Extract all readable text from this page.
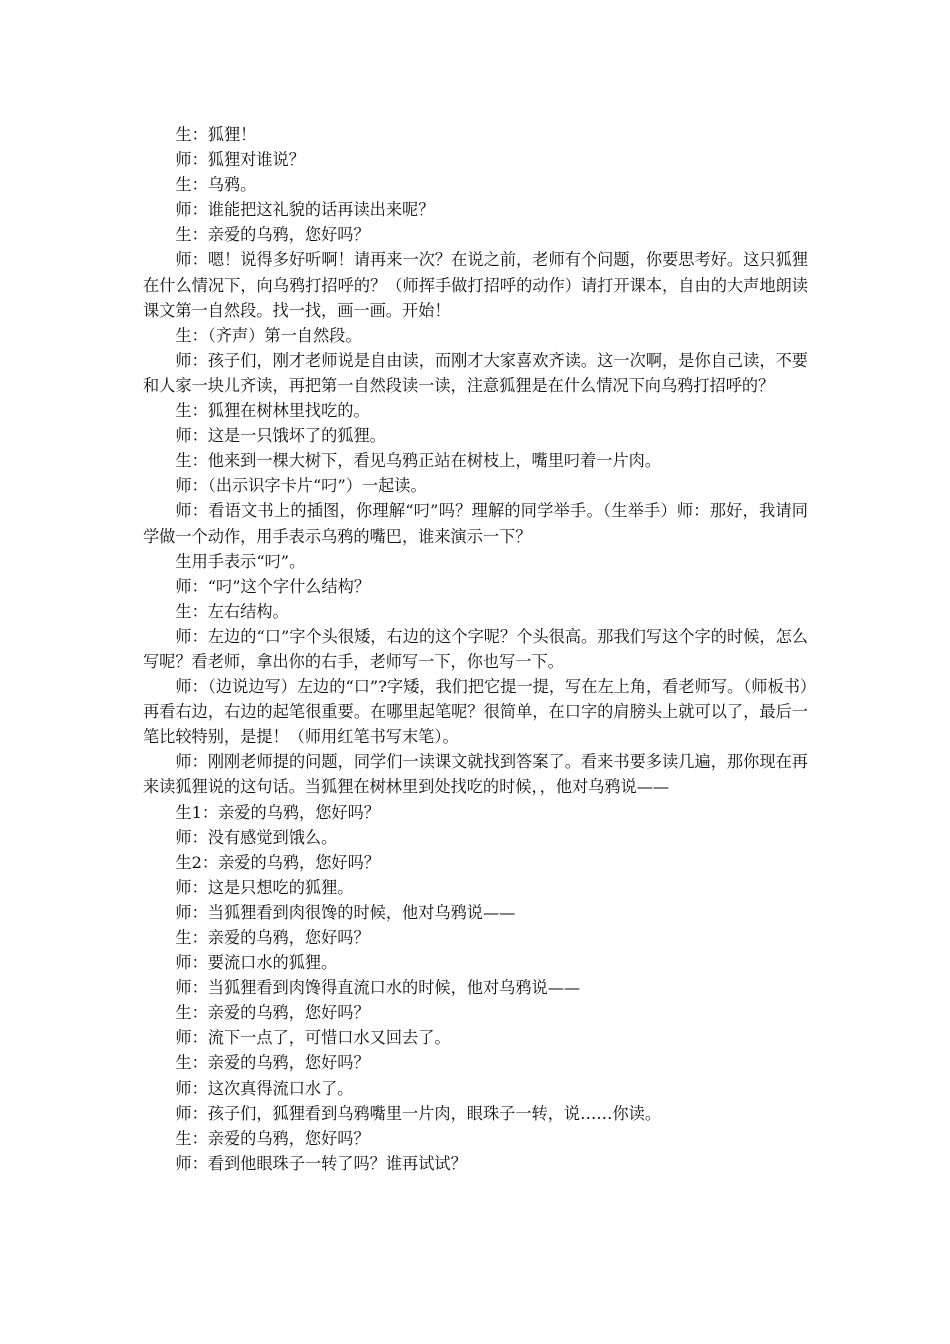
生：狐狸！

师：狐狸对谁说？

生：乌鸦。

师：谁能把这礼貌的话再读出来呢？

生：亲爱的乌鸦，您好吗？

师：嗯！说得多好听啊！请再来一次？在说之前，老师有个问题，你要思考好。这只狐狸在什么情况下，向乌鸦打招呼的？（师挥手做打招呼的动作）请打开课本，自由的大声地朗读课文第一自然段。找一找，画一画。开始！

生：（齐声）第一自然段。

师：孩子们，刚才老师说是自由读，而刚才大家喜欢齐读。这一次啊，是你自己读，不要和人家一块儿齐读，再把第一自然段读一读，注意狐狸是在什么情况下向乌鸦打招呼的？

生：狐狸在树林里找吃的。

师：这是一只饿坏了的狐狸。

生：他来到一棵大树下，看见乌鸦正站在树枝上，嘴里叼着一片肉。

师：（出示识字卡片“叼”）一起读。

师：看语文书上的插图，你理解“叼”吗？理解的同学举手。（生举手）师：那好，我请同学做一个动作，用手表示乌鸦的嘴巴，谁来演示一下？

生用手表示“叼”。

师：“叼”这个字什么结构？

生：左右结构。

师：左边的“口”字个头很矮，右边的这个字呢？个头很高。那我们写这个字的时候，怎么写呢？看老师，拿出你的右手，老师写一下，你也写一下。

师：（边说边写）左边的“口”?字矮，我们把它提一提，写在左上角，看老师写。（师板书）再看右边，右边的起笔很重要。在哪里起笔呢？很简单，在口字的肩膀头上就可以了，最后一笔比较特别，是提！（师用红笔书写末笔）。

师：刚刚老师提的问题，同学们一读课文就找到答案了。看来书要多读几遍，那你现在再来读狐狸说的这句话。当狐狸在树林里到处找吃的时候，，他对乌鸦说——

生1：亲爱的乌鸦，您好吗？

师：没有感觉到饿么。

生2：亲爱的乌鸦，您好吗？

师：这是只想吃的狐狸。

师：当狐狸看到肉很馋的时候，他对乌鸦说——

生：亲爱的乌鸦，您好吗？

师：要流口水的狐狸。

师：当狐狸看到肉馋得直流口水的时候，他对乌鸦说——

生：亲爱的乌鸦，您好吗？

师：流下一点了，可惜口水又回去了。

生：亲爱的乌鸦，您好吗？

师：这次真得流口水了。

师：孩子们，狐狸看到乌鸦嘴里一片肉，眼珠子一转，说……你读。

生：亲爱的乌鸦，您好吗？

师：看到他眼珠子一转了吗？谁再试试？
